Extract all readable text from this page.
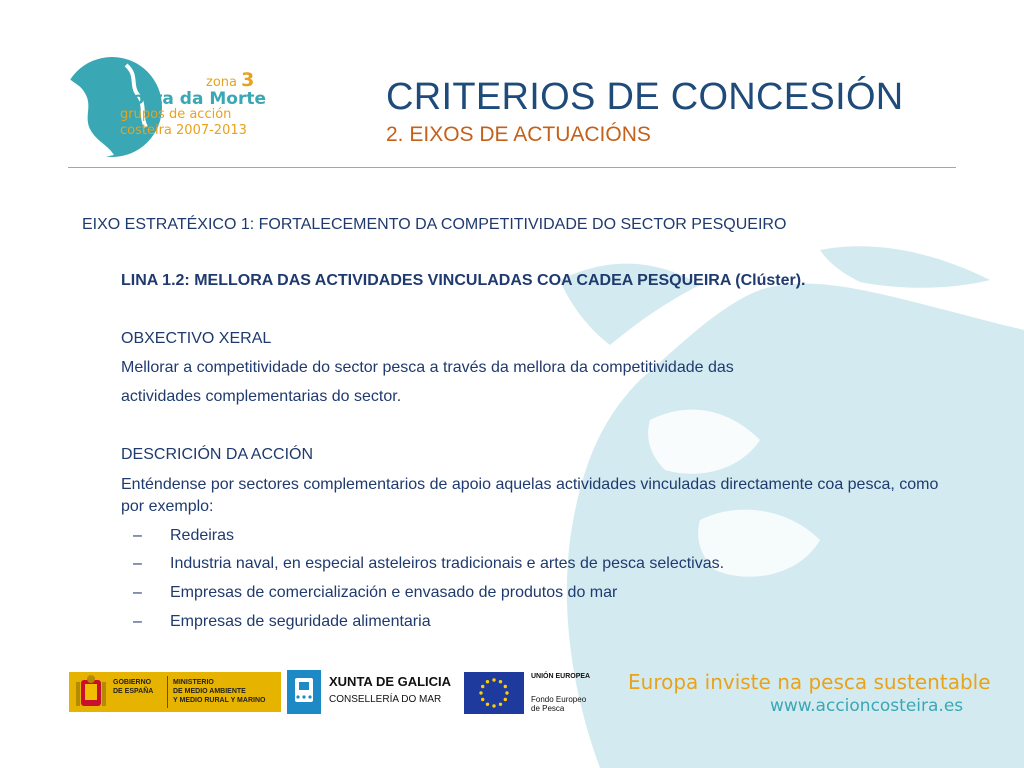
zona 3
Costa da Morte
grupos de acción
costeira 2007-2013
CRITERIOS DE CONCESIÓN
2. EIXOS DE ACTUACIÓNS
EIXO ESTRATÉXICO 1: FORTALECEMENTO DA COMPETITIVIDADE DO SECTOR PESQUEIRO
LINA 1.2: MELLORA DAS ACTIVIDADES VINCULADAS COA CADEA PESQUEIRA (Clúster).
OBXECTIVO XERAL
Mellorar a competitividade do sector pesca a través da mellora da competitividade das
actividades complementarias do sector.
DESCRICIÓN DA ACCIÓN
Enténdense por sectores complementarios de apoio aquelas actividades vinculadas directamente coa pesca, como por exemplo:
– Redeiras
– Industria naval, en especial asteleiros tradicionais e artes de pesca selectivas.
– Empresas de comercialización e envasado de produtos do mar
– Empresas de seguridade alimentaria
GOBIERNO
DE ESPAÑA
MINISTERIO
DE MEDIO AMBIENTE
Y MEDIO RURAL Y MARINO
XUNTA DE GALICIA
CONSELLERÍA DO MAR
UNIÓN EUROPEA
Fondo Europeo
de Pesca
Europa inviste na pesca sustentable
www.accioncosteira.es
